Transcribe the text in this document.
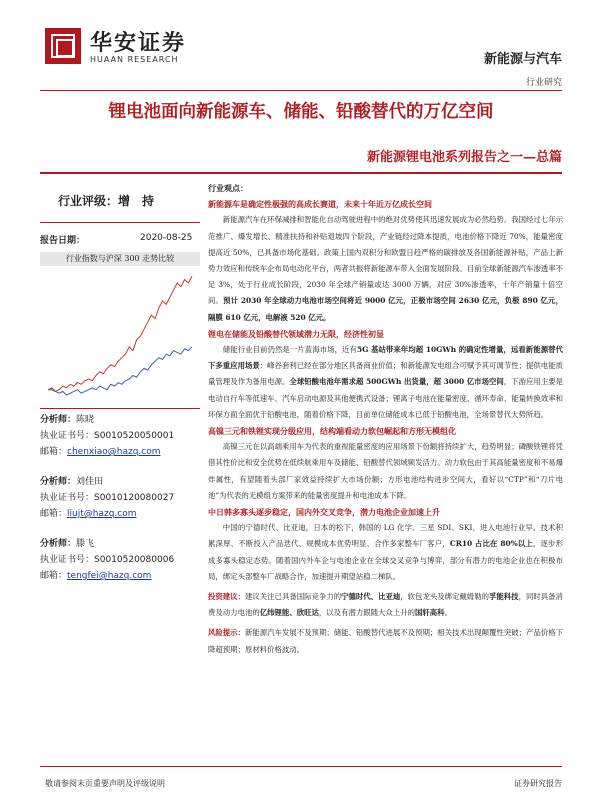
华安证券
HUAAN RESEARCH	新能源与汽车
行业研究
锂电池面向新能源车、储能、铅酸替代的万亿空间
新能源锂电池系列报告之一—总篇
行业评级：增　持
报告日期：	2020-08-25
行业指数与沪深 300 走势比较
分析师：陈晓
执业证书号：S0010520050001
邮箱：chenxiao@hazq.com
分析师：刘佳田
执业证书号：S0010120080027
邮箱：liujt@hazq.com
分析师：滕飞
执业证书号：S0010520080006
邮箱：tengfei@hazq.com

行业观点：

新能源车是确定性极强的高成长赛道，未来十年近万亿成长空间

新能源汽车在环保减排和智能化自动驾驶进程中的绝对优势使其迅速发展成为必然趋势。我国经过七年示范推广、爆发增长、精准扶持和补贴退坡四个阶段，产业链经过降本提质，电池价格下降近 70%，能量密度提高近 50%，已具备市场化基础。政策上国内双积分和欧盟日趋严格的碳排放及各国新能源补贴，产品上新势力效应和传统车企布局电动化平台，两者共振将新能源车带入全面发展阶段。目前全球新能源汽车渗透率不足 3%，处于行业成长阶段，2030 年全球产销量或达 3000 万辆，对应 30%渗透率，十年产销量十倍空间。预计 2030 年全球动力电池市场空间将近 9000 亿元，正极市场空间 2630 亿元，负极 890 亿元，隔膜 610 亿元，电解液 520 亿元。

锂电在储能及铅酸替代领域潜力无限，经济性初显

储能行业目前仍然是一片蓝海市场，近有5G 基站带来年均超 10GWh 的确定性增量，远看新能源替代下多重应用场景：峰谷套利已经在部分地区具备商业价值；和新能源发电组合可赋予其可调节性；提供电能质量管理及作为备用电源。全球铅酸电池年需求超 500GWh 出货量，超 3000 亿市场空间，下游应用主要是电动自行车等低速车、汽车启动电源及其他便携式设备；锂离子电池在能量密度、循环寿命、能量转换效率和环保方面全面优于铅酸电池，随着价格下降，目前单位储能成本已低于铅酸电池，全场景替代大势所趋。

高镍三元和铁锂实现分级应用，结构端看动力软包崛起和方形无模组化

高镍三元在以高端乘用车为代表的重视能量密度的应用场景下份额将持续扩大，趋势明显；磷酸铁锂将凭借其性价比和安全优势在低续航乘用车及储能、铅酸替代领域频发活力。动力软包由于其高能量密度和不易爆炸属性，有望随着头部厂家效益持续扩大市场份额；方形电池结构进步空间大，看好以“CTP”和“刀片电池”为代表的无模组方案带来的能量密度提升和电池成本下降。

中日韩多寡头逐步稳定，国内外交叉竞争，潜力电池企业加速上升

中国的宁德时代、比亚迪，日本的松下，韩国的 LG 化学、三星 SDI、SKI，进入电池行业早、技术积累深厚、不断投入产品迭代、规模成本优势明显、合作多家整车厂客户，CR10 占比在 80%以上，逐步形成多寡头稳定态势。随着国内外车企与电池企业在全球交叉竞争与博弈，部分有潜力的电池企业也在积极布局，绑定头部整车厂战略合作，加速提升期望站稳二梯队。

投资建议：建议关注已具备国际竞争力的宁德时代、比亚迪，软包龙头及绑定戴姆勒的孚能科技，同时具备消费及动力电池的亿纬锂能、欣旺达，以及有潜力跟随大众上升的国轩高科。

风险提示：新能源汽车发展不及预期；储能、铅酸替代进展不及预期；相关技术出现颠覆性突破；产品价格下降超预期；原材料价格波动。

敬请参阅末页重要声明及评级说明	证券研究报告
